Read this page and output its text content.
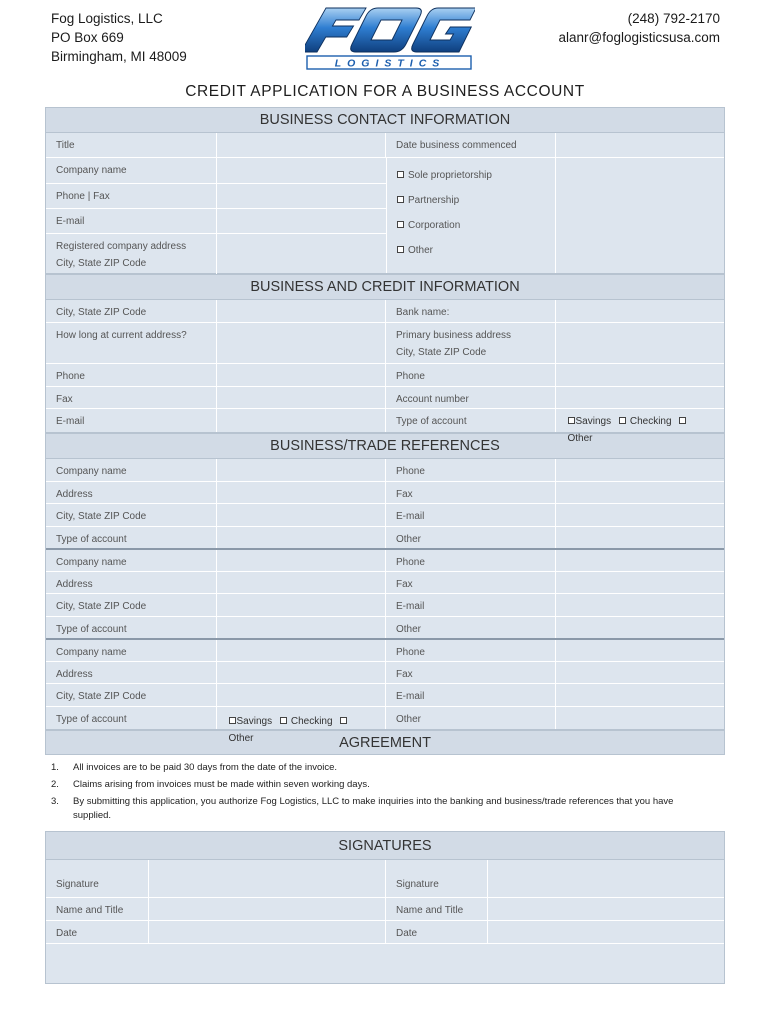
Fog Logistics, LLC
PO Box 669
Birmingham, MI 48009	LOGISTICS
(248) 792-2170
alanr@foglogisticsusa.com
CREDIT APPLICATION FOR A BUSINESS ACCOUNT
BUSINESS CONTACT INFORMATION
Title	Date business commenced
Company name
Phone | Fax
E-mail
Registered company address
City, State ZIP Code
Sole proprietorship
Partnership
Corporation
Other
BUSINESS AND CREDIT INFORMATION
City, State ZIP Code	Bank name:
How long at current address?	Primary business address
City, State ZIP Code
Phone	Phone
Fax	Account number
E-mail	Type of account	Savings Checking Other
BUSINESS/TRADE REFERENCES
Company name	Phone
Address	Fax
City, State ZIP Code	E-mail
Type of account	Other
Company name	Phone
Address	Fax
City, State ZIP Code	E-mail
Type of account	Other
Company name	Phone
Address	Fax
City, State ZIP Code	E-mail
Type of account	Savings Checking Other
Other
AGREEMENT
1.	All invoices are to be paid 30 days from the date of the invoice.
2.	Claims arising from invoices must be made within seven working days.
3.	By submitting this application, you authorize Fog Logistics, LLC to make inquiries into the banking and business/trade references that you have supplied.
SIGNATURES
Signature	Signature
Name and Title	Name and Title
Date	Date
